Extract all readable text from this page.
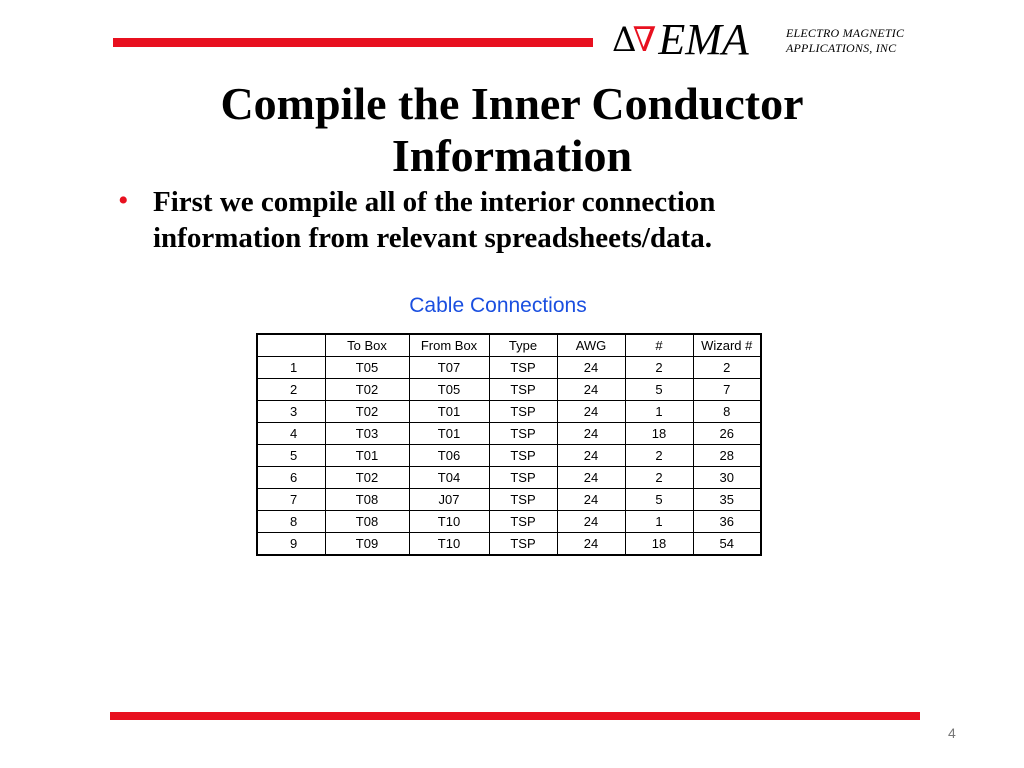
Δ
∇ EMA	ELECTRO MAGNETIC
APPLICATIONS, INC
Compile the Inner Conductor
Information
• First we compile all of the interior connection
information from relevant spreadsheets/data.
Cable Connections
	To Box	From Box	Type	AWG	#	Wizard #
1	T05	T07	TSP	24	2	2
2	T02	T05	TSP	24	5	7
3	T02	T01	TSP	24	1	8
4	T03	T01	TSP	24	18	26
5	T01	T06	TSP	24	2	28
6	T02	T04	TSP	24	2	30
7	T08	J07	TSP	24	5	35
8	T08	T10	TSP	24	1	36
9	T09	T10	TSP	24	18	54
4
